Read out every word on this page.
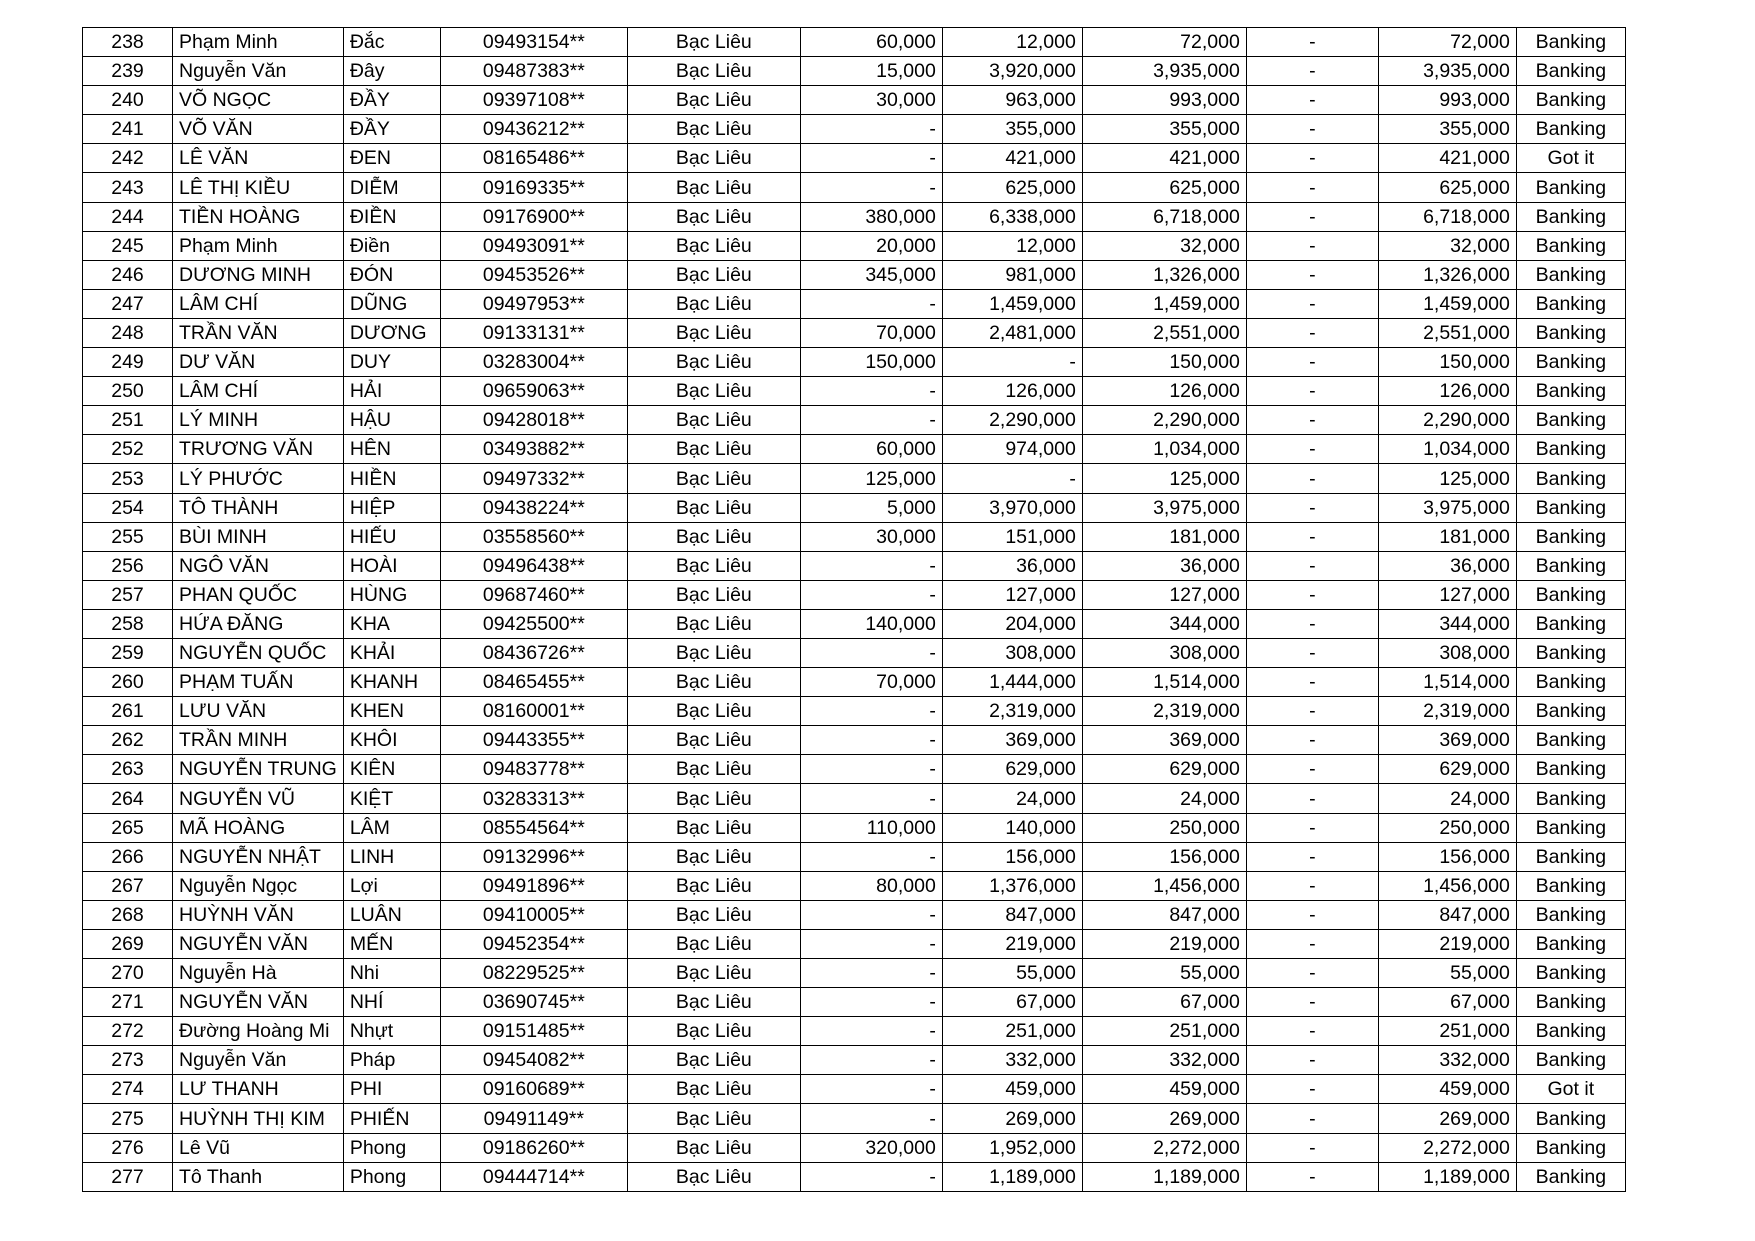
238	Phạm Minh	Đắc	09493154**	Bạc Liêu	60,000	12,000	72,000	-	72,000	Banking
239	Nguyễn Văn	Đây	09487383**	Bạc Liêu	15,000	3,920,000	3,935,000	-	3,935,000	Banking
240	VÕ NGỌC	ĐẦY	09397108**	Bạc Liêu	30,000	963,000	993,000	-	993,000	Banking
241	VÕ VĂN	ĐẦY	09436212**	Bạc Liêu	-	355,000	355,000	-	355,000	Banking
242	LÊ VĂN	ĐEN	08165486**	Bạc Liêu	-	421,000	421,000	-	421,000	Got it
243	LÊ THỊ KIỀU	DIỄM	09169335**	Bạc Liêu	-	625,000	625,000	-	625,000	Banking
244	TIỀN HOÀNG	ĐIỀN	09176900**	Bạc Liêu	380,000	6,338,000	6,718,000	-	6,718,000	Banking
245	Phạm Minh	Điền	09493091**	Bạc Liêu	20,000	12,000	32,000	-	32,000	Banking
246	DƯƠNG MINH	ĐÓN	09453526**	Bạc Liêu	345,000	981,000	1,326,000	-	1,326,000	Banking
247	LÂM CHÍ	DŨNG	09497953**	Bạc Liêu	-	1,459,000	1,459,000	-	1,459,000	Banking
248	TRẦN VĂN	DƯƠNG	09133131**	Bạc Liêu	70,000	2,481,000	2,551,000	-	2,551,000	Banking
249	DƯ VĂN	DUY	03283004**	Bạc Liêu	150,000	-	150,000	-	150,000	Banking
250	LÂM CHÍ	HẢI	09659063**	Bạc Liêu	-	126,000	126,000	-	126,000	Banking
251	LÝ MINH	HẬU	09428018**	Bạc Liêu	-	2,290,000	2,290,000	-	2,290,000	Banking
252	TRƯƠNG VĂN	HÊN	03493882**	Bạc Liêu	60,000	974,000	1,034,000	-	1,034,000	Banking
253	LÝ PHƯỚC	HIỀN	09497332**	Bạc Liêu	125,000	-	125,000	-	125,000	Banking
254	TÔ THÀNH	HIỆP	09438224**	Bạc Liêu	5,000	3,970,000	3,975,000	-	3,975,000	Banking
255	BÙI MINH	HIẾU	03558560**	Bạc Liêu	30,000	151,000	181,000	-	181,000	Banking
256	NGÔ VĂN	HOÀI	09496438**	Bạc Liêu	-	36,000	36,000	-	36,000	Banking
257	PHAN QUỐC	HÙNG	09687460**	Bạc Liêu	-	127,000	127,000	-	127,000	Banking
258	HỨA ĐĂNG	KHA	09425500**	Bạc Liêu	140,000	204,000	344,000	-	344,000	Banking
259	NGUYỄN QUỐC	KHẢI	08436726**	Bạc Liêu	-	308,000	308,000	-	308,000	Banking
260	PHẠM TUẤN	KHANH	08465455**	Bạc Liêu	70,000	1,444,000	1,514,000	-	1,514,000	Banking
261	LƯU VĂN	KHEN	08160001**	Bạc Liêu	-	2,319,000	2,319,000	-	2,319,000	Banking
262	TRẦN MINH	KHÔI	09443355**	Bạc Liêu	-	369,000	369,000	-	369,000	Banking
263	NGUYỄN TRUNG	KIÊN	09483778**	Bạc Liêu	-	629,000	629,000	-	629,000	Banking
264	NGUYỄN VŨ	KIỆT	03283313**	Bạc Liêu	-	24,000	24,000	-	24,000	Banking
265	MÃ HOÀNG	LÂM	08554564**	Bạc Liêu	110,000	140,000	250,000	-	250,000	Banking
266	NGUYỄN NHẬT	LINH	09132996**	Bạc Liêu	-	156,000	156,000	-	156,000	Banking
267	Nguyễn Ngọc	Lợi	09491896**	Bạc Liêu	80,000	1,376,000	1,456,000	-	1,456,000	Banking
268	HUỲNH VĂN	LUÂN	09410005**	Bạc Liêu	-	847,000	847,000	-	847,000	Banking
269	NGUYỄN VĂN	MẾN	09452354**	Bạc Liêu	-	219,000	219,000	-	219,000	Banking
270	Nguyễn Hà	Nhi	08229525**	Bạc Liêu	-	55,000	55,000	-	55,000	Banking
271	NGUYỄN VĂN	NHÍ	03690745**	Bạc Liêu	-	67,000	67,000	-	67,000	Banking
272	Đường Hoàng Mi	Nhựt	09151485**	Bạc Liêu	-	251,000	251,000	-	251,000	Banking
273	Nguyễn Văn	Pháp	09454082**	Bạc Liêu	-	332,000	332,000	-	332,000	Banking
274	LƯ THANH	PHI	09160689**	Bạc Liêu	-	459,000	459,000	-	459,000	Got it
275	HUỲNH THỊ KIM	PHIẾN	09491149**	Bạc Liêu	-	269,000	269,000	-	269,000	Banking
276	Lê Vũ	Phong	09186260**	Bạc Liêu	320,000	1,952,000	2,272,000	-	2,272,000	Banking
277	Tô Thanh	Phong	09444714**	Bạc Liêu	-	1,189,000	1,189,000	-	1,189,000	Banking
